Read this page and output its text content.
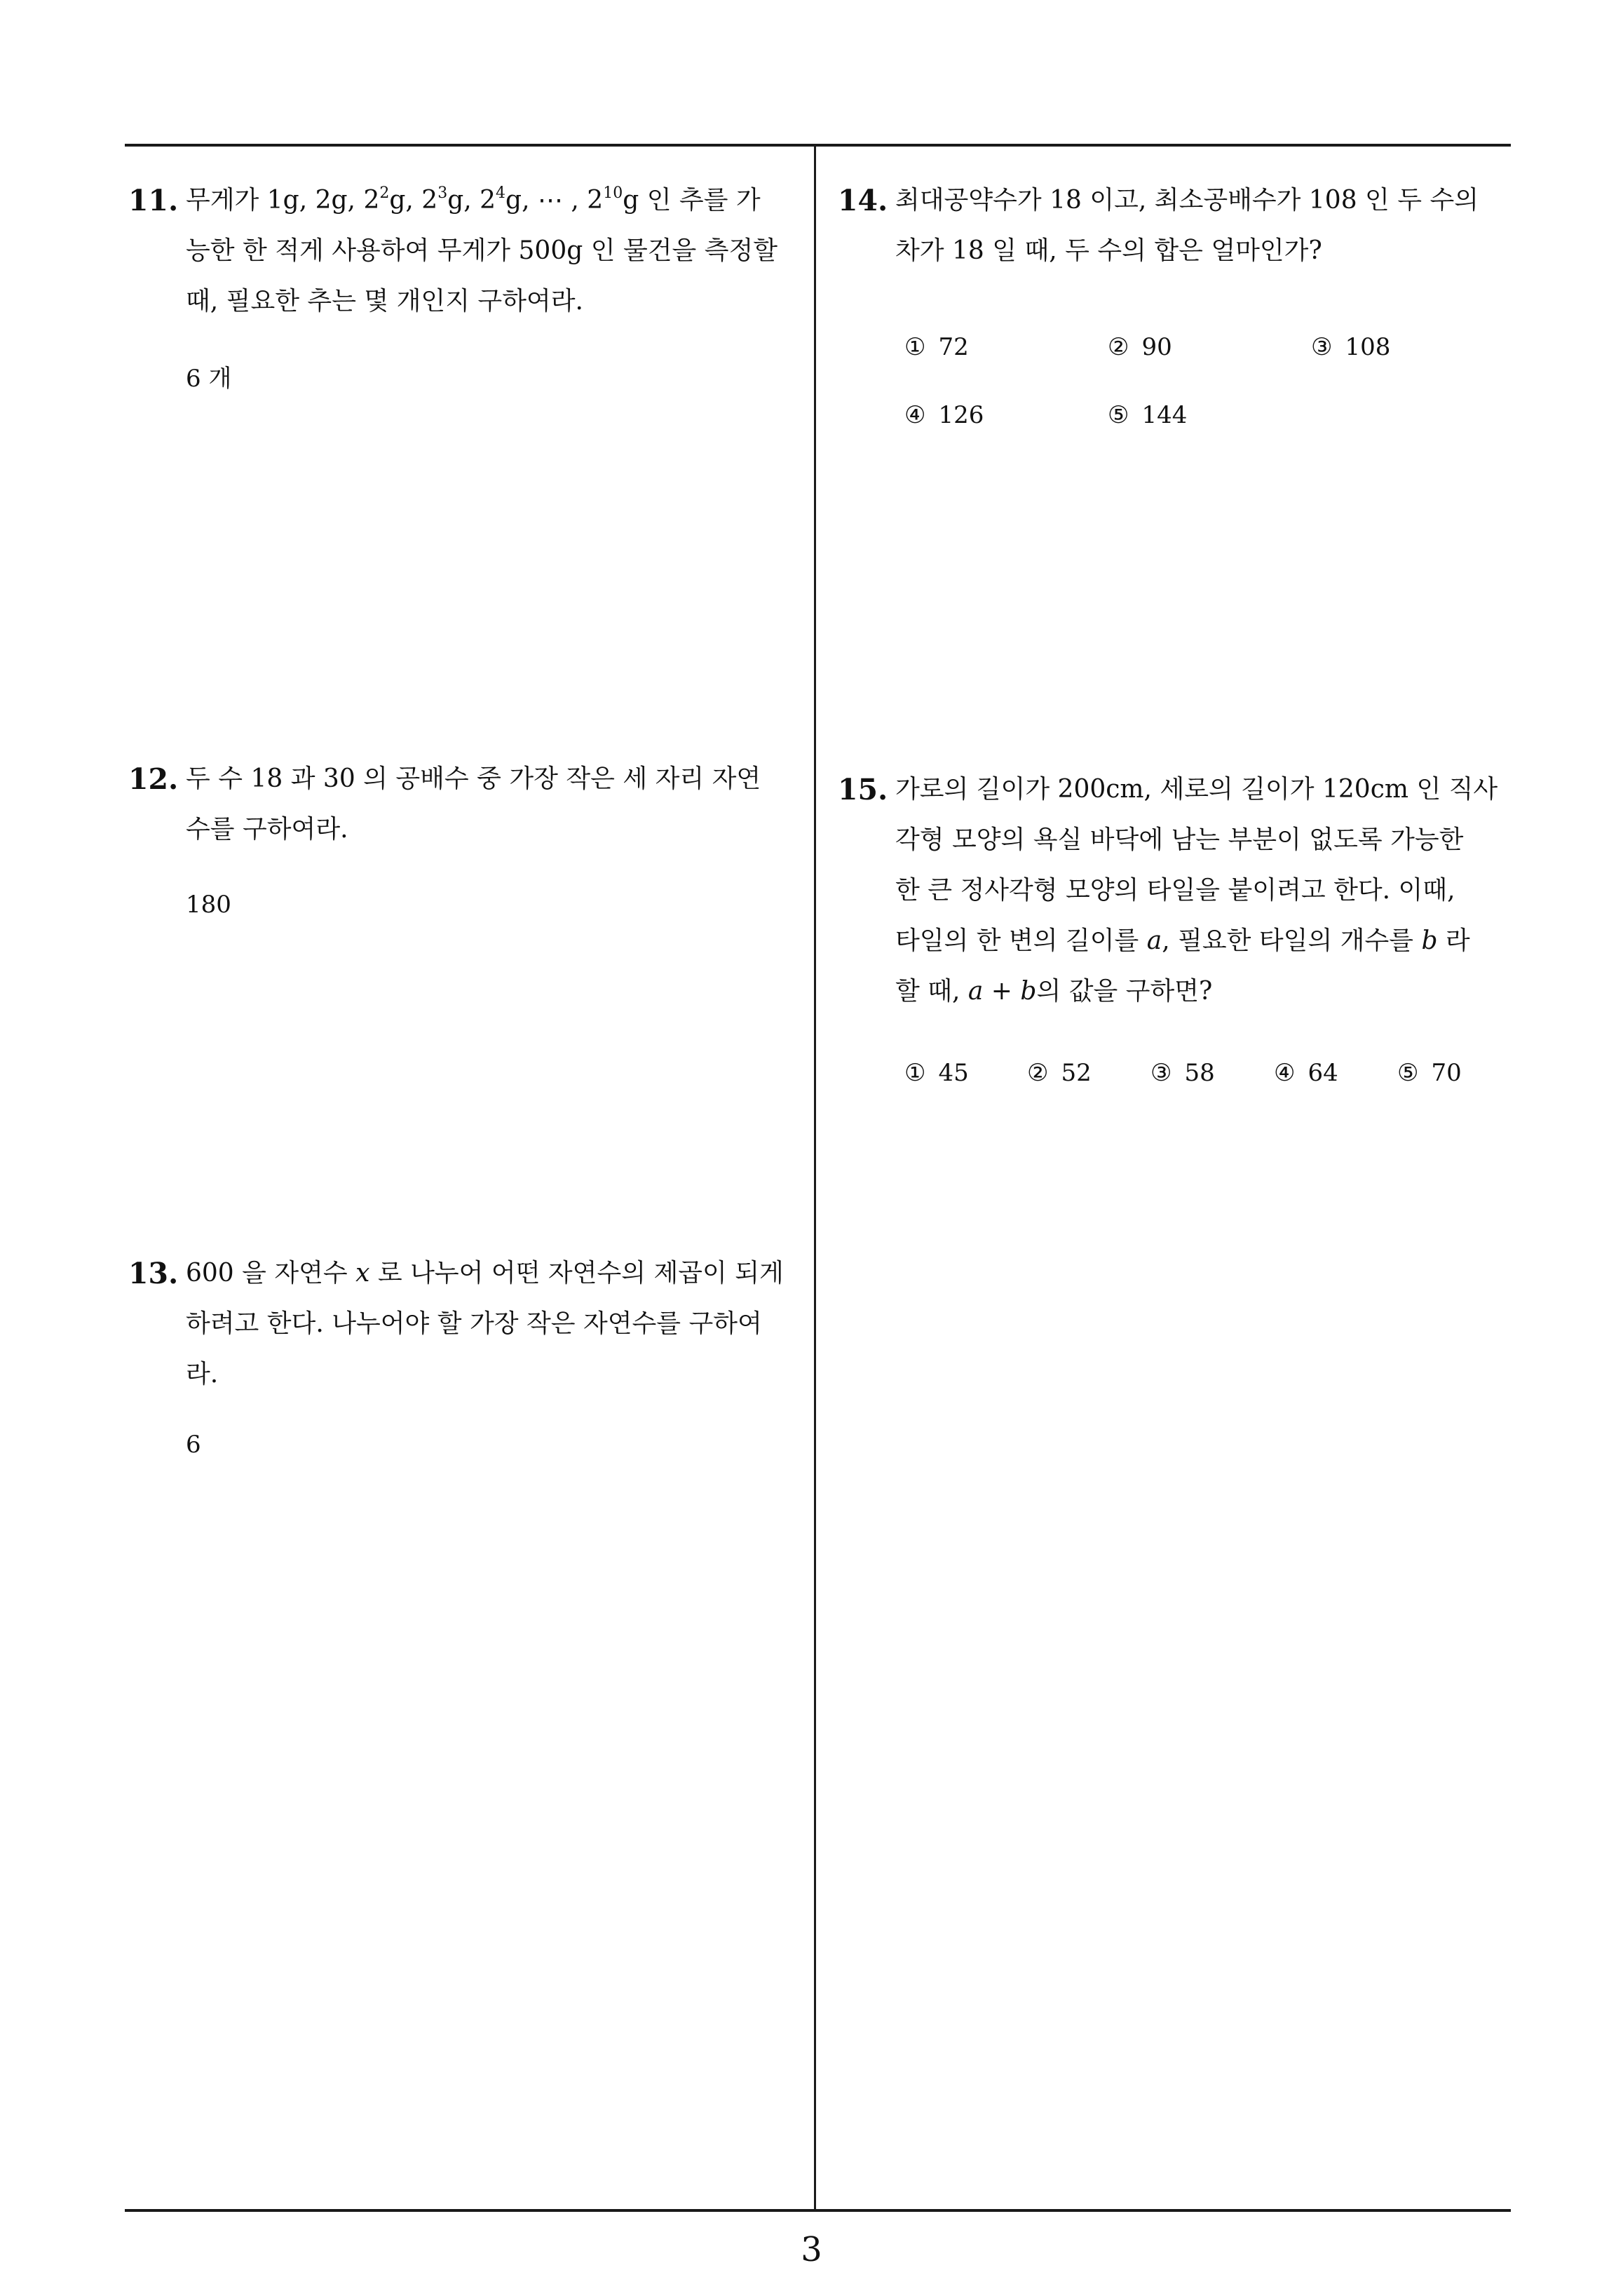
11. 무게가 1g, 2g, $2^2g$, $2^3g$, $2^4g$, ⋯ , $2^{10}g$ 인 추를 가
능한 한 적게 사용하여 무게가 500g 인 물건을 측정할
때, 필요한 추는 몇 개인지 구하여라.
6 개
12. 두 수 18 과 30 의 공배수 중 가장 작은 세 자리 자연
수를 구하여라.
180
13. 600 을 자연수 x 로 나누어 어떤 자연수의 제곱이 되게
하려고 한다. 나누어야 할 가장 작은 자연수를 구하여
라.
6
14. 최대공약수가 18 이고, 최소공배수가 108 인 두 수의
차가 18 일 때, 두 수의 합은 얼마인가?
① 72	② 90	③ 108
④ 126	⑤ 144
15. 가로의 길이가 200cm, 세로의 길이가 120cm 인 직사
각형 모양의 욕실 바닥에 남는 부분이 없도록 가능한
한 큰 정사각형 모양의 타일을 붙이려고 한다. 이때,
타일의 한 변의 길이를 a, 필요한 타일의 개수를 b 라
할 때, a + b의 값을 구하면?
① 45 ② 52 ③ 58 ④ 64 ⑤ 70
3
